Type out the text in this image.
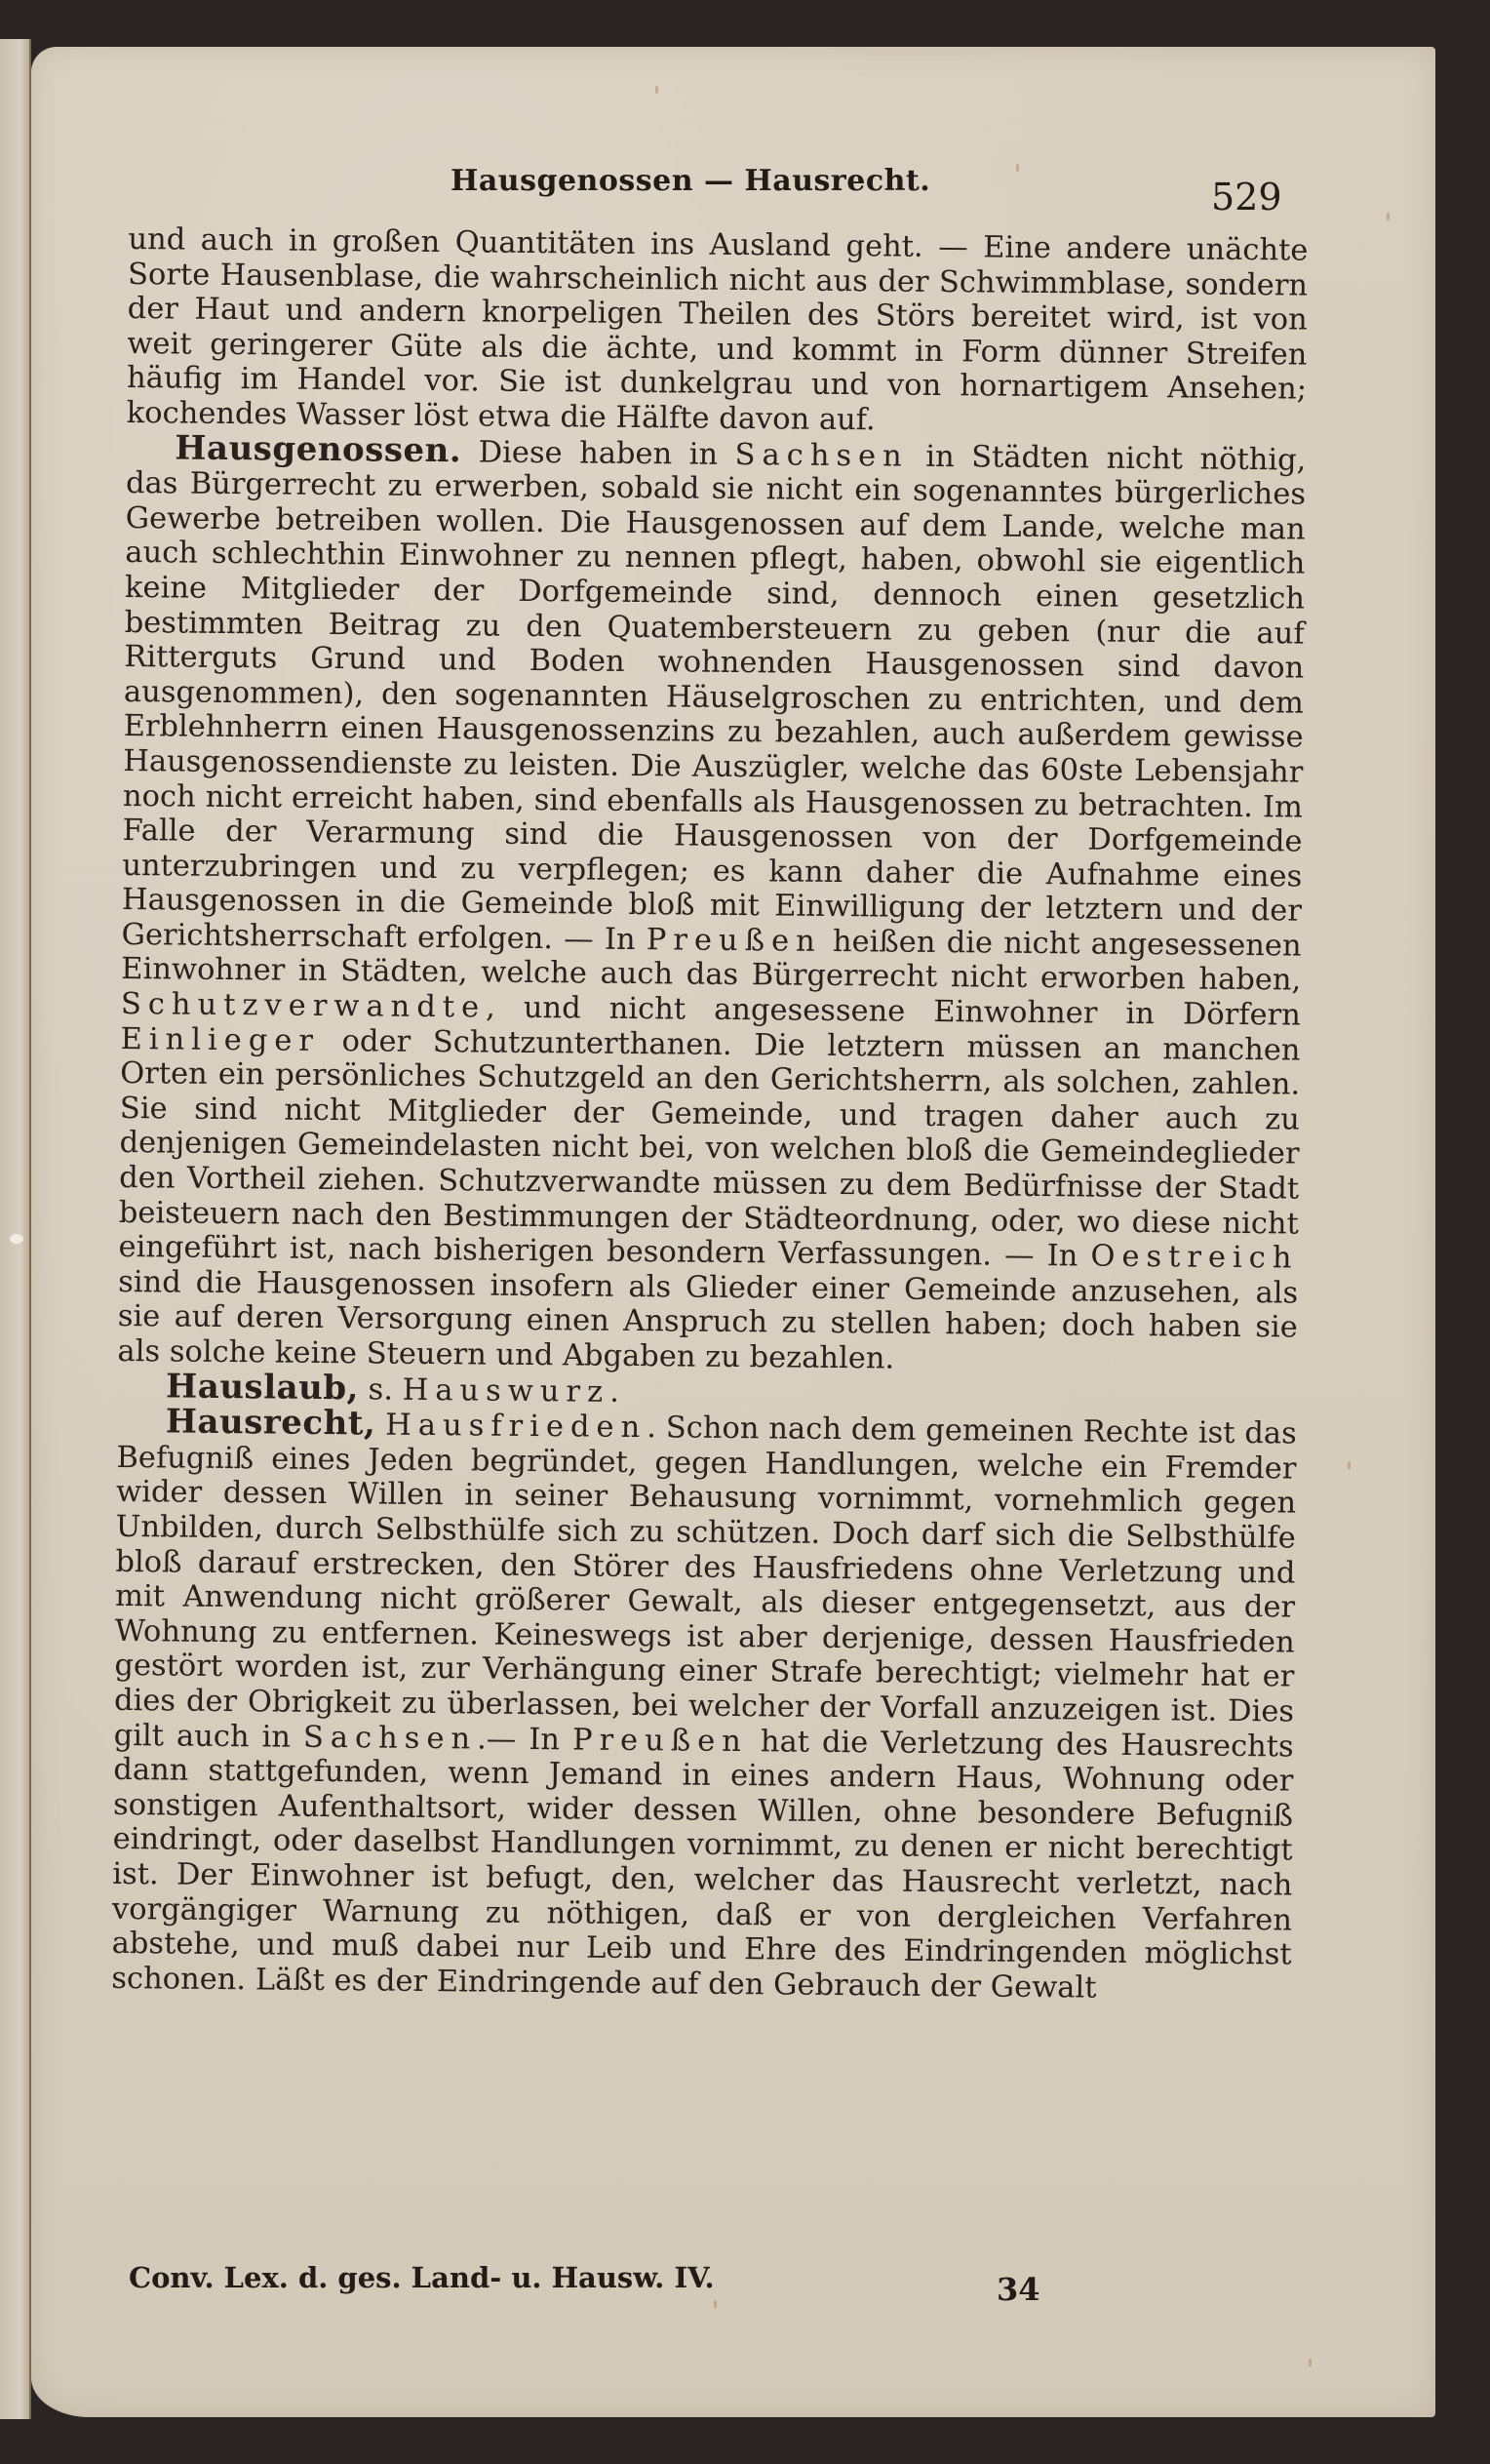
Hausgenossen — Hausrecht.	529

und auch in großen Quantitäten ins Ausland geht. — Eine andere unächte Sorte Hausenblase, die wahrscheinlich nicht aus der Schwimmblase, sondern der Haut und andern knorpeligen Theilen des Störs bereitet wird, ist von weit geringerer Güte als die ächte, und kommt in Form dünner Streifen häufig im Handel vor. Sie ist dunkelgrau und von hornartigem Ansehen; kochendes Wasser löst etwa die Hälfte davon auf.

Hausgenossen. Diese haben in Sachsen in Städten nicht nöthig, das Bürgerrecht zu erwerben, sobald sie nicht ein sogenanntes bürgerliches Gewerbe betreiben wollen. Die Hausgenossen auf dem Lande, welche man auch schlechthin Einwohner zu nennen pflegt, haben, obwohl sie eigentlich keine Mitglieder der Dorfgemeinde sind, dennoch einen gesetzlich bestimmten Beitrag zu den Quatembersteuern zu geben (nur die auf Ritterguts Grund und Boden wohnenden Hausgenossen sind davon ausgenommen), den sogenannten Häuselgroschen zu entrichten, und dem Erblehnherrn einen Hausgenossenzins zu bezahlen, auch außerdem gewisse Hausgenossendienste zu leisten. Die Auszügler, welche das 60ste Lebensjahr noch nicht erreicht haben, sind ebenfalls als Hausgenossen zu betrachten. Im Falle der Verarmung sind die Hausgenossen von der Dorfgemeinde unterzubringen und zu verpflegen; es kann daher die Aufnahme eines Hausgenossen in die Gemeinde bloß mit Einwilligung der letztern und der Gerichtsherrschaft erfolgen. — In Preußen heißen die nicht angesessenen Einwohner in Städten, welche auch das Bürgerrecht nicht erworben haben, Schutzverwandte, und nicht angesessene Einwohner in Dörfern Einlieger oder Schutzunterthanen. Die letztern müssen an manchen Orten ein persönliches Schutzgeld an den Gerichtsherrn, als solchen, zahlen. Sie sind nicht Mitglieder der Gemeinde, und tragen daher auch zu denjenigen Gemeindelasten nicht bei, von welchen bloß die Gemeindeglieder den Vortheil ziehen. Schutzverwandte müssen zu dem Bedürfnisse der Stadt beisteuern nach den Bestimmungen der Städteordnung, oder, wo diese nicht eingeführt ist, nach bisherigen besondern Verfassungen. — In Oestreich sind die Hausgenossen insofern als Glieder einer Gemeinde anzusehen, als sie auf deren Versorgung einen Anspruch zu stellen haben; doch haben sie als solche keine Steuern und Abgaben zu bezahlen.

Hauslaub, s. Hauswurz.

Hausrecht, Hausfrieden. Schon nach dem gemeinen Rechte ist das Befugniß eines Jeden begründet, gegen Handlungen, welche ein Fremder wider dessen Willen in seiner Behausung vornimmt, vornehmlich gegen Unbilden, durch Selbsthülfe sich zu schützen. Doch darf sich die Selbsthülfe bloß darauf erstrecken, den Störer des Hausfriedens ohne Verletzung und mit Anwendung nicht größerer Gewalt, als dieser entgegensetzt, aus der Wohnung zu entfernen. Keineswegs ist aber derjenige, dessen Hausfrieden gestört worden ist, zur Verhängung einer Strafe berechtigt; vielmehr hat er dies der Obrigkeit zu überlassen, bei welcher der Vorfall anzuzeigen ist. Dies gilt auch in Sachsen.— In Preußen hat die Verletzung des Hausrechts dann stattgefunden, wenn Jemand in eines andern Haus, Wohnung oder sonstigen Aufenthaltsort, wider dessen Willen, ohne besondere Befugniß eindringt, oder daselbst Handlungen vornimmt, zu denen er nicht berechtigt ist. Der Einwohner ist befugt, den, welcher das Hausrecht verletzt, nach vorgängiger Warnung zu nöthigen, daß er von dergleichen Verfahren abstehe, und muß dabei nur Leib und Ehre des Eindringenden möglichst schonen. Läßt es der Eindringende auf den Gebrauch der Gewalt

Conv. Lex. d. ges. Land- u. Hausw. IV.	34
